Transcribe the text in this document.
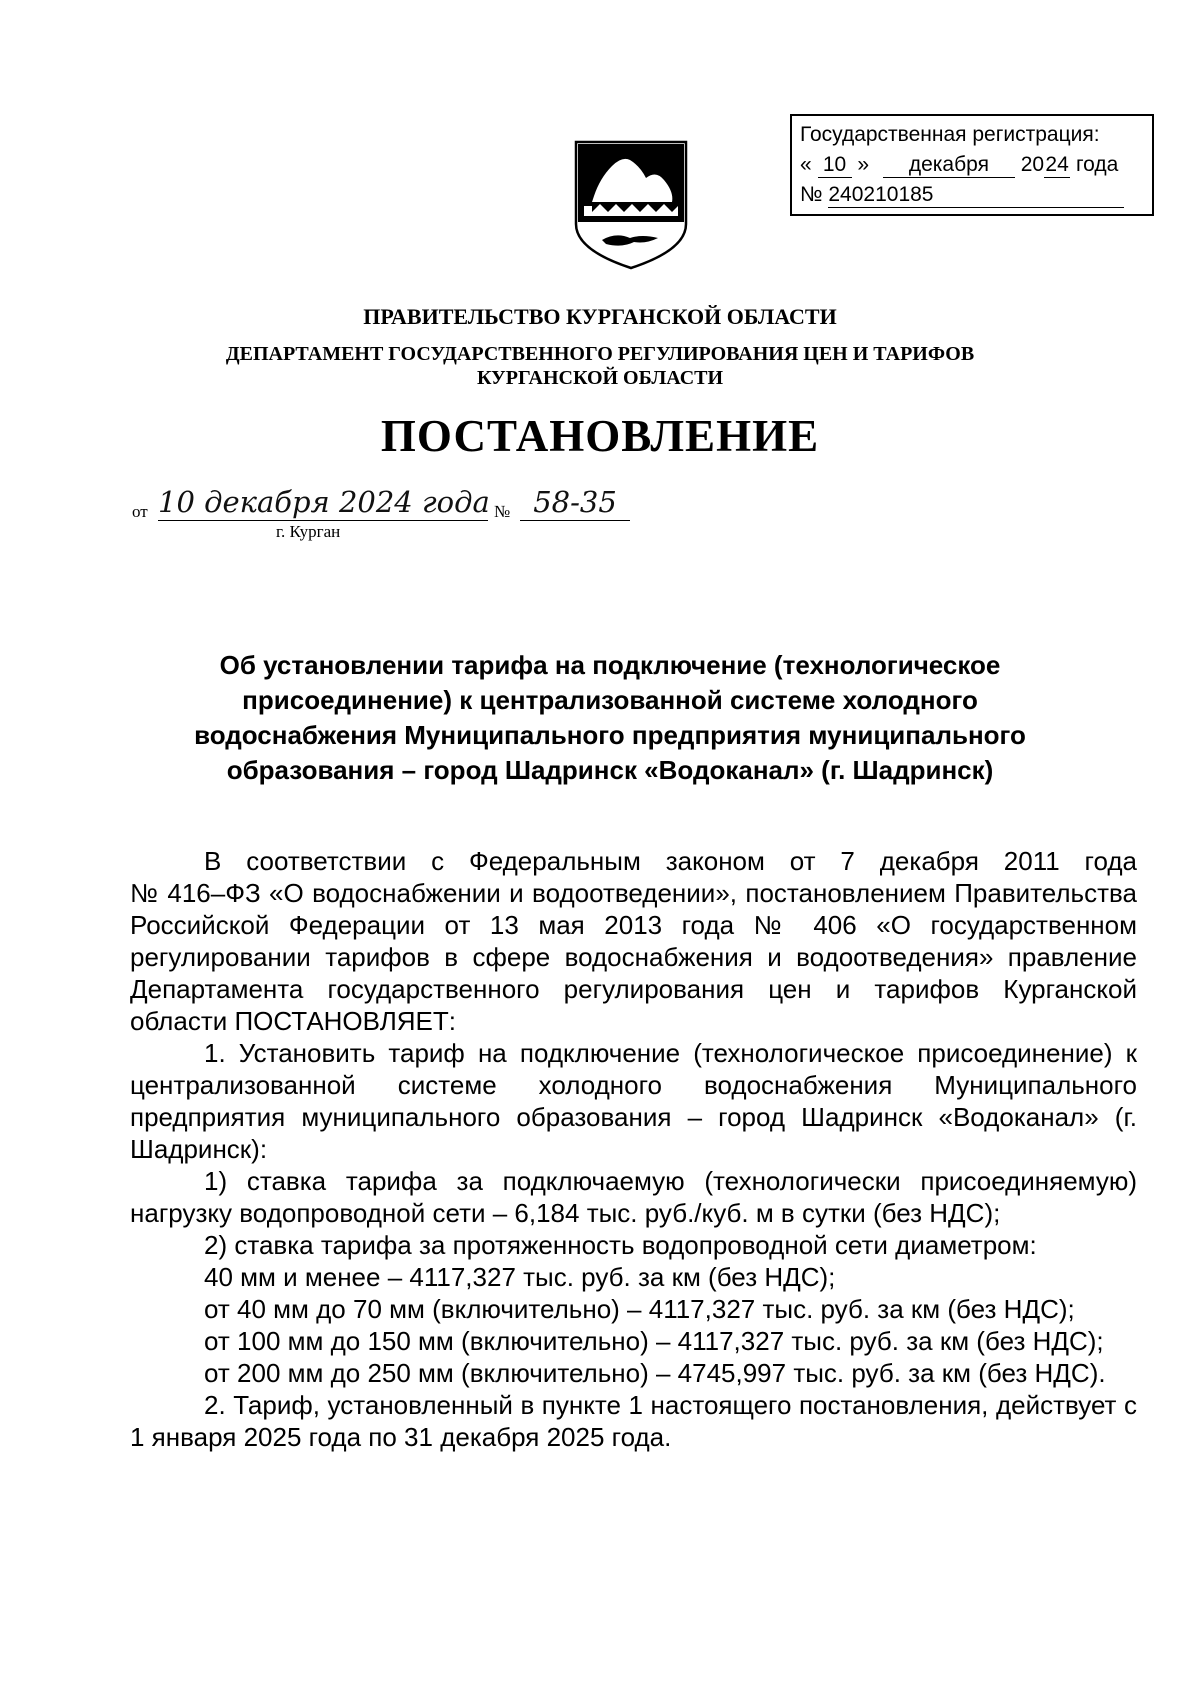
Государственная регистрация:
« 10 » декабря 2024 года
№ 240210185
ПРАВИТЕЛЬСТВО КУРГАНСКОЙ ОБЛАСТИ
ДЕПАРТАМЕНТ ГОСУДАРСТВЕННОГО РЕГУЛИРОВАНИЯ ЦЕН И ТАРИФОВ
КУРГАНСКОЙ ОБЛАСТИ
ПОСТАНОВЛЕНИЕ
от 10 декабря 2024 года № 58-35
г. Курган
Об установлении тарифа на подключение (технологическое присоединение) к централизованной системе холодного водоснабжения Муниципального предприятия муниципального образования – город Шадринск «Водоканал» (г. Шадринск)

В соответствии с Федеральным законом от 7 декабря 2011 года

№ 416–ФЗ «О водоснабжении и водоотведении», постановлением Правительства Российской Федерации от 13 мая 2013 года № 406 «О государственном регулировании тарифов в сфере водоснабжения и водоотведения» правление Департамента государственного регулирования цен и тарифов Курганской области ПОСТАНОВЛЯЕТ:

1. Установить тариф на подключение (технологическое присоединение) к централизованной системе холодного водоснабжения Муниципального предприятия муниципального образования – город Шадринск «Водоканал» (г. Шадринск):

1) ставка тарифа за подключаемую (технологически присоединяемую) нагрузку водопроводной сети – 6,184 тыс. руб./куб. м в сутки (без НДС);

2) ставка тарифа за протяженность водопроводной сети диаметром:

40 мм и менее – 4117,327 тыс. руб. за км (без НДС);

от 40 мм до 70 мм (включительно) – 4117,327 тыс. руб. за км (без НДС);

от 100 мм до 150 мм (включительно) – 4117,327 тыс. руб. за км (без НДС);

от 200 мм до 250 мм (включительно) – 4745,997 тыс. руб. за км (без НДС).

2. Тариф, установленный в пункте 1 настоящего постановления, действует с 1 января 2025 года по 31 декабря 2025 года.
